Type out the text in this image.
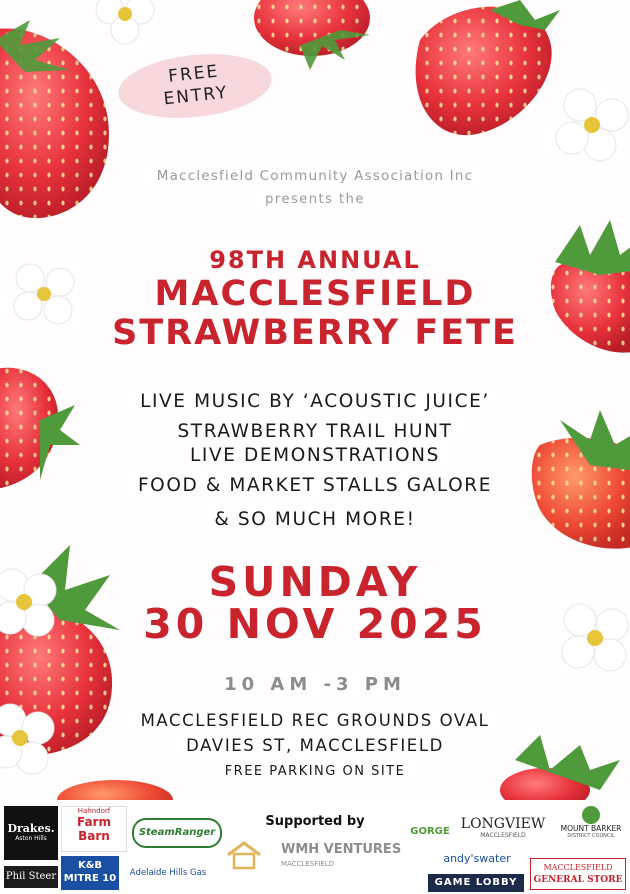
FREE
ENTRY
Macclesfield Community Association Inc
presents the
98TH ANNUAL
MACCLESFIELD
STRAWBERRY FETE
LIVE MUSIC BY ‘ACOUSTIC JUICE’
STRAWBERRY TRAIL HUNT
LIVE DEMONSTRATIONS
FOOD & MARKET STALLS GALORE
& SO MUCH MORE!
SUNDAY
30 NOV 2025
10 AM -3 PM
MACCLESFIELD REC GROUNDS OVAL
DAVIES ST, MACCLESFIELD
FREE PARKING ON SITE
Supported by
Drakes.
Aston Hills
Phil Steer
Hahndorf
Farm Barn
K&B
MITRE 10
SteamRanger
Adelaide Hills Gas
WMH VENTURES
MACCLESFIELD
GORGE LONGVIEW
MACCLESFIELD
MOUNT BARKER
DISTRICT COUNCIL
andy'swater
GAME LOBBY
MACCLESFIELD
GENERAL STORE
